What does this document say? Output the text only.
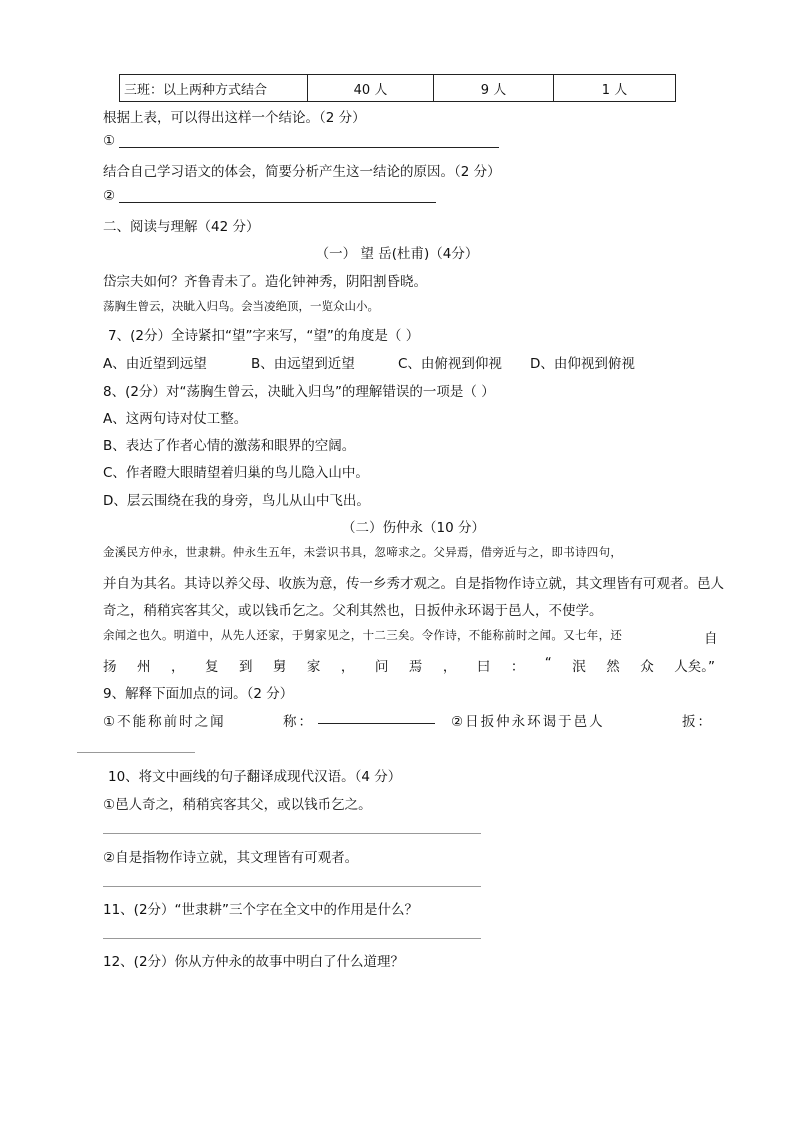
三班：以上两种方式结合	40 人	9 人	1 人
根据上表，可以得出这样一个结论。（2 分）
①
结合自己学习语文的体会，简要分析产生这一结论的原因。（2 分）
②
二、阅读与理解（42 分）
（一） 望 岳(杜甫)（4分）
岱宗夫如何？齐鲁青未了。造化钟神秀，阴阳割昏晓。
荡胸生曾云，决眦入归鸟。会当凌绝顶，一览众山小。
7、(2分）全诗紧扣“望”字来写，“望”的角度是（ ）
A、由近望到远望	B、由远望到近望	C、由俯视到仰视 D、由仰视到俯视
8、(2分）对“荡胸生曾云，决眦入归鸟”的理解错误的一项是（ ）
A、这两句诗对仗工整。
B、表达了作者心情的激荡和眼界的空阔。
C、作者瞪大眼睛望着归巢的鸟儿隐入山中。
D、层云围绕在我的身旁，鸟儿从山中飞出。
（二）伤仲永（10 分）
金溪民方仲永，世隶耕。仲永生五年，未尝识书具，忽啼求之。父异焉，借旁近与之，即书诗四句，
并自为其名。其诗以养父母、收族为意，传一乡秀才观之。自是指物作诗立就，其文理皆有可观者。邑人
奇之，稍稍宾客其父，或以钱币乞之。父利其然也，日扳仲永环谒于邑人，不使学。
余闻之也久。明道中，从先人还家，于舅家见之，十二三矣。令作诗，不能称前时之闻。又七年，还	自
扬 州 ， 复 到 舅 家 ， 问 焉 ， 曰 ： “ 泯 然 众 人矣。”
9、解释下面加点的词。（2 分）
①不能称前时之闻	称：	②日扳仲永环谒于邑人	扳：
10、将文中画线的句子翻译成现代汉语。（4 分）
①邑人奇之，稍稍宾客其父，或以钱币乞之。
②自是指物作诗立就，其文理皆有可观者。
11、(2分）“世隶耕”三个字在全文中的作用是什么？
12、(2分）你从方仲永的故事中明白了什么道理？
